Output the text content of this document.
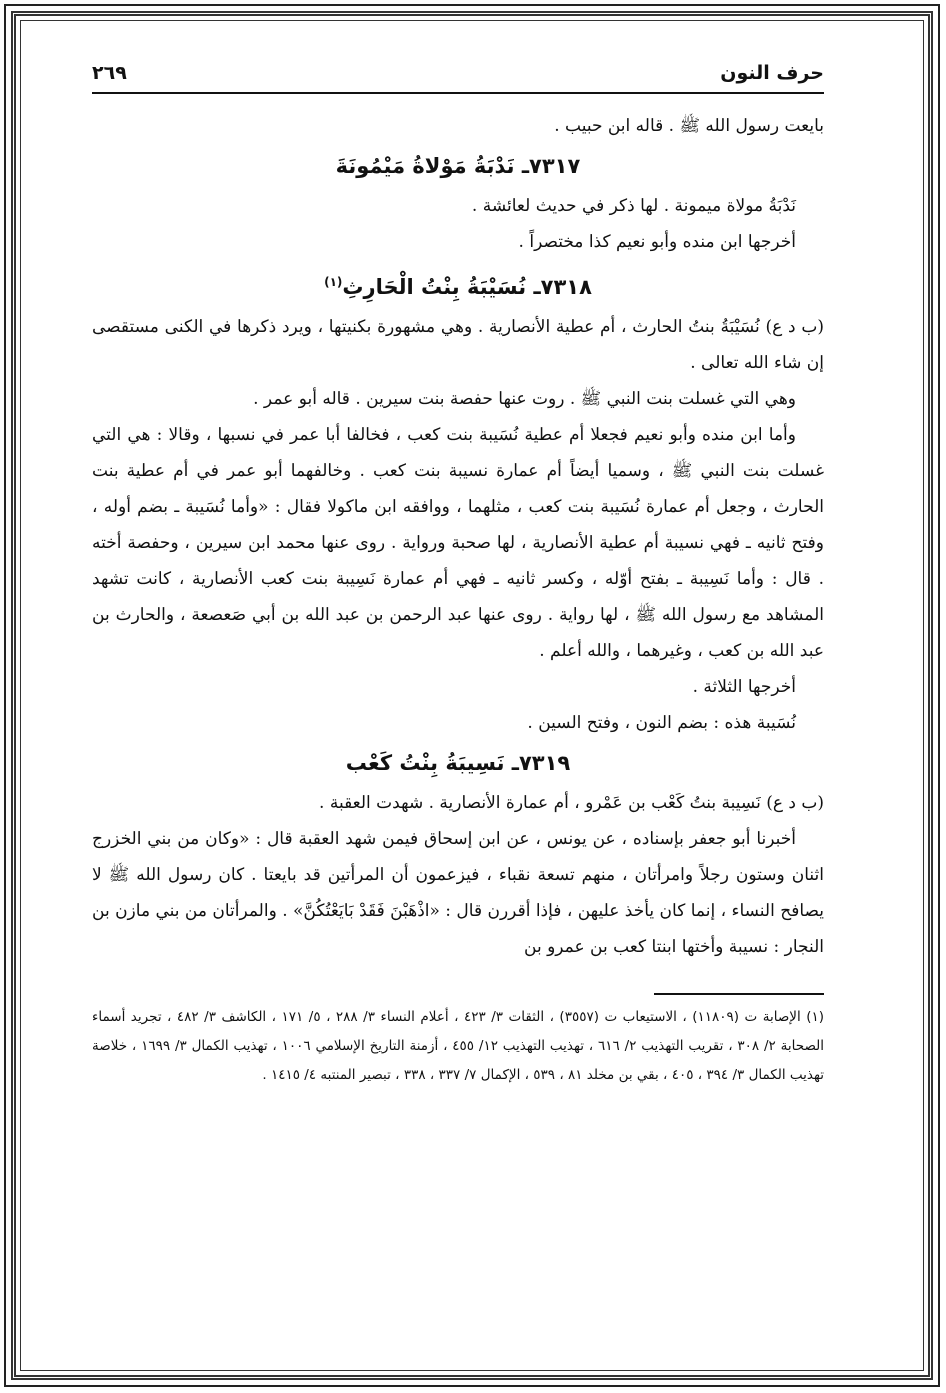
حرف النون
٢٦٩

بايعت رسول الله ﷺ . قاله ابن حبيب .

٧٣١٧ـ نَدْبَةُ مَوْلاةُ مَيْمُونَةَ

نَدْبَةُ مولاة ميمونة . لها ذكر في حديث لعائشة .

أخرجها ابن منده وأبو نعيم كذا مختصراً .

٧٣١٨ـ نُسَيْبَةُ بِنْتُ الْحَارِثِ$^{(١)}$

(ب د ع) نُسَيْبَةُ بنتُ الحارث ، أم عطية الأنصارية . وهي مشهورة بكنيتها ، ويرد ذكرها في الكنى مستقصى إن شاء الله تعالى .

وهي التي غسلت بنت النبي ﷺ . روت عنها حفصة بنت سيرين . قاله أبو عمر .

وأما ابن منده وأبو نعيم فجعلا أم عطية نُسَيبة بنت كعب ، فخالفا أبا عمر في نسبها ، وقالا : هي التي غسلت بنت النبي ﷺ ، وسميا أيضاً أم عمارة نسيبة بنت كعب . وخالفهما أبو عمر في أم عطية بنت الحارث ، وجعل أم عمارة نُسَيبة بنت كعب ، مثلهما ، ووافقه ابن ماكولا فقال : «وأما نُسَيبة ـ بضم أوله ، وفتح ثانيه ـ فهي نسيبة أم عطية الأنصارية ، لها صحبة ورواية . روى عنها محمد ابن سيرين ، وحفصة أخته . قال : وأما نَسِيبة ـ بفتح أوّله ، وكسر ثانيه ـ فهي أم عمارة نَسِيبة بنت كعب الأنصارية ، كانت تشهد المشاهد مع رسول الله ﷺ ، لها رواية . روى عنها عبد الرحمن بن عبد الله بن أبي صَعصعة ، والحارث بن عبد الله بن كعب ، وغيرهما ، والله أعلم .

أخرجها الثلاثة .

نُسَيبة هذه : بضم النون ، وفتح السين .

٧٣١٩ـ نَسِيبَةُ بِنْتُ كَعْب

(ب د ع) نَسِيبة بنتُ كَعْب بن عَمْرو ، أم عمارة الأنصارية . شهدت العقبة .

أخبرنا أبو جعفر بإسناده ، عن يونس ، عن ابن إسحاق فيمن شهد العقبة قال : «وكان من بني الخزرج اثنان وستون رجلاً وامرأتان ، منهم تسعة نقباء ، فيزعمون أن المرأتين قد بايعتا . كان رسول الله ﷺ لا يصافح النساء ، إنما كان يأخذ عليهن ، فإذا أقررن قال : «اذْهَبْنَ فَقَدْ بَايَعْتُكُنَّ» . والمرأتان من بني مازن بن النجار : نسيبة وأختها ابنتا كعب بن عمرو بن

(١) الإصابة ت (١١٨٠٩) ، الاستيعاب ت (٣٥٥٧) ، الثقات ٣/ ٤٢٣ ، أعلام النساء ٣/ ٢٨٨ ، ٥/ ١٧١ ، الكاشف ٣/ ٤٨٢ ، تجريد أسماء الصحابة ٢/ ٣٠٨ ، تقريب التهذيب ٢/ ٦١٦ ، تهذيب التهذيب ١٢/ ٤٥٥ ، أزمنة التاريخ الإسلامي ١٠٠٦ ، تهذيب الكمال ٣/ ١٦٩٩ ، خلاصة تهذيب الكمال ٣/ ٣٩٤ ، ٤٠٥ ، بقي بن مخلد ٨١ ، ٥٣٩ ، الإكمال ٧/ ٣٣٧ ، ٣٣٨ ، تبصير المنتبه ٤/ ١٤١٥ .
